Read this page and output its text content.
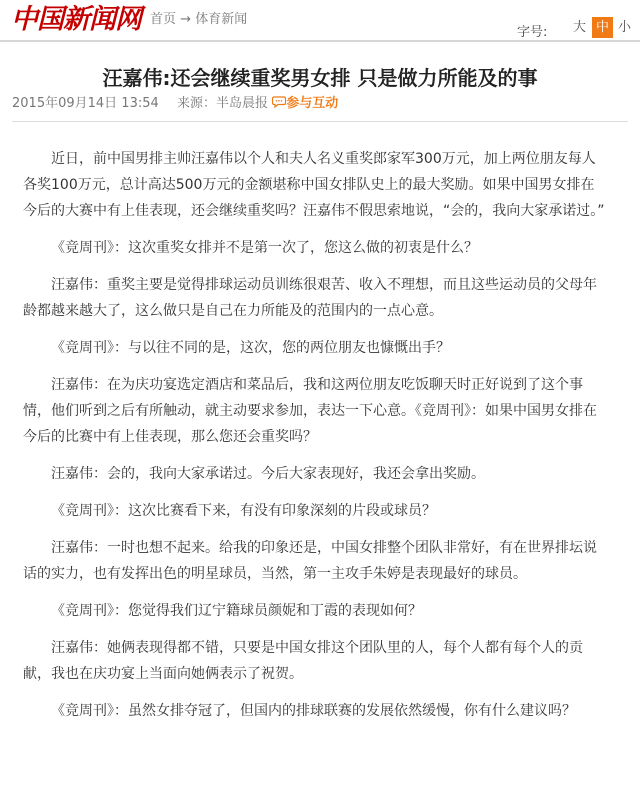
中国新闻网 首页 → 体育新闻
字号:	大 中 小
汪嘉伟:还会继续重奖男女排 只是做力所能及的事
2015年09月14日 13:54 来源：半岛晨报 参与互动

近日，前中国男排主帅汪嘉伟以个人和夫人名义重奖郎家军300万元，加上两位朋友每人各奖100万元，总计高达500万元的金额堪称中国女排队史上的最大奖励。如果中国男女排在今后的大赛中有上佳表现，还会继续重奖吗？汪嘉伟不假思索地说，“会的，我向大家承诺过。”

《竞周刊》：这次重奖女排并不是第一次了，您这么做的初衷是什么？

汪嘉伟：重奖主要是觉得排球运动员训练很艰苦、收入不理想，而且这些运动员的父母年龄都越来越大了，这么做只是自己在力所能及的范围内的一点心意。

《竞周刊》：与以往不同的是，这次，您的两位朋友也慷慨出手？

汪嘉伟：在为庆功宴选定酒店和菜品后，我和这两位朋友吃饭聊天时正好说到了这个事情，他们听到之后有所触动，就主动要求参加，表达一下心意。《竞周刊》：如果中国男女排在今后的比赛中有上佳表现，那么您还会重奖吗？

汪嘉伟：会的，我向大家承诺过。今后大家表现好，我还会拿出奖励。

《竞周刊》：这次比赛看下来，有没有印象深刻的片段或球员？

汪嘉伟：一时也想不起来。给我的印象还是，中国女排整个团队非常好，有在世界排坛说话的实力，也有发挥出色的明星球员，当然，第一主攻手朱婷是表现最好的球员。

《竞周刊》：您觉得我们辽宁籍球员颜妮和丁霞的表现如何？

汪嘉伟：她俩表现得都不错，只要是中国女排这个团队里的人，每个人都有每个人的贡献，我也在庆功宴上当面向她俩表示了祝贺。

《竞周刊》：虽然女排夺冠了，但国内的排球联赛的发展依然缓慢，你有什么建议吗？
